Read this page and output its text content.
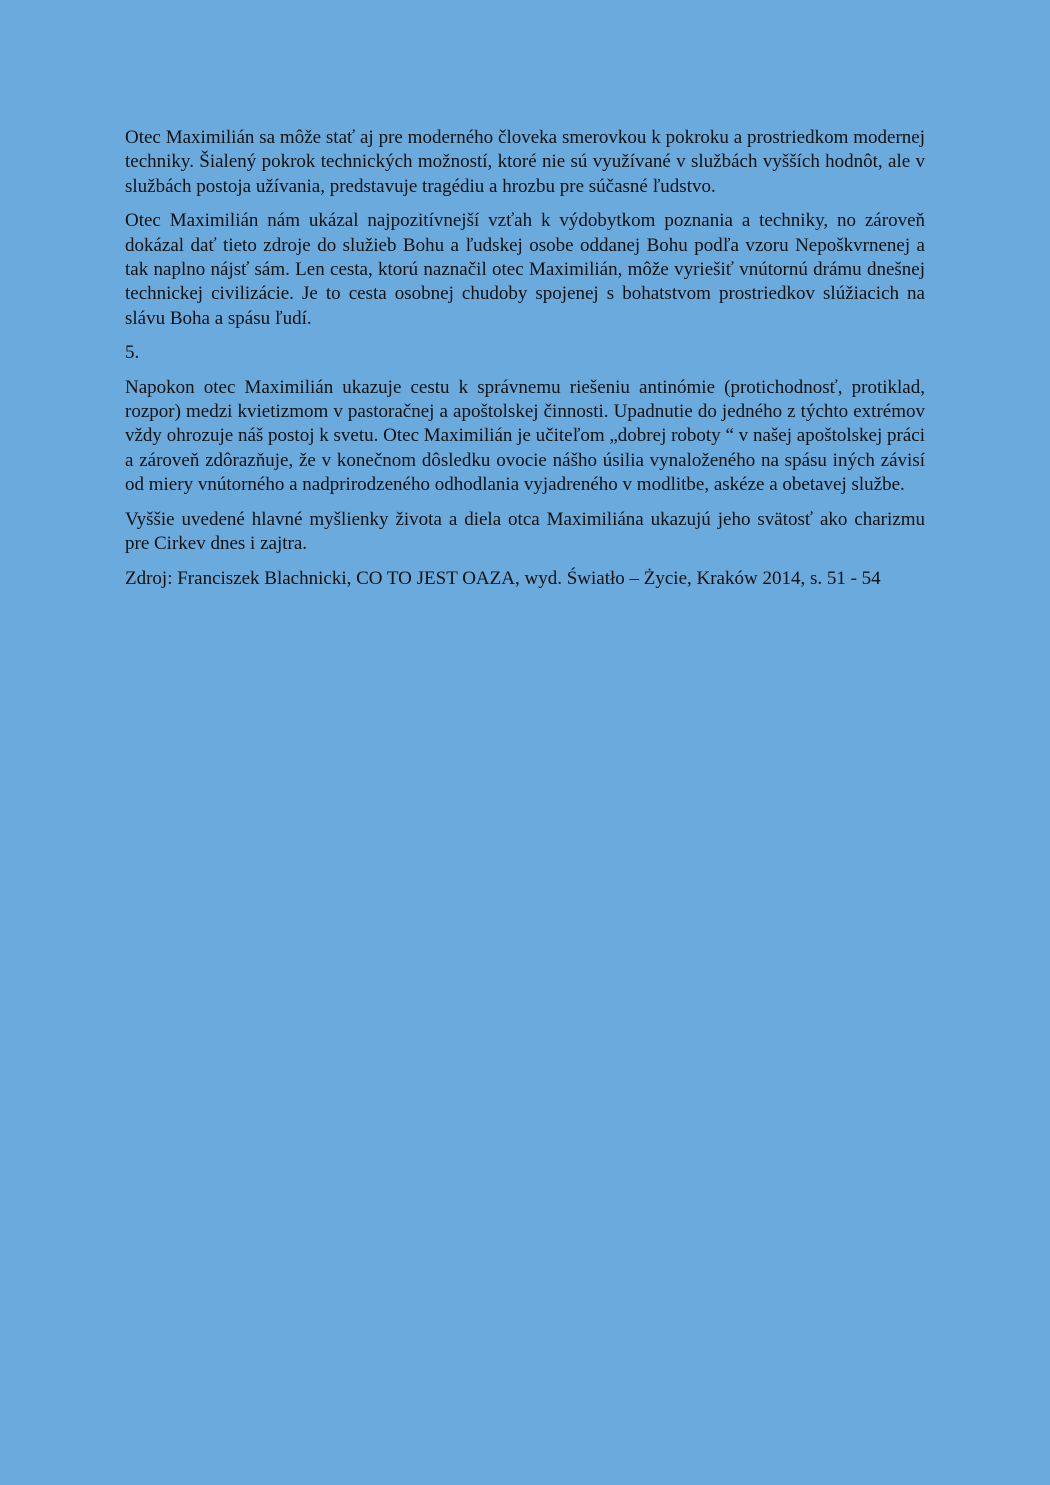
Otec Maximilián sa môže stať aj pre moderného človeka smerovkou k pokroku a prostriedkom modernej techniky. Šialený pokrok technických možností, ktoré nie sú využívané v službách vyšších hodnôt, ale v službách postoja užívania, predstavuje tragédiu a hrozbu pre súčasné ľudstvo.

Otec Maximilián nám ukázal najpozitívnejší vzťah k výdobytkom poznania a techniky, no zároveň dokázal dať tieto zdroje do služieb Bohu a ľudskej osobe oddanej Bohu podľa vzoru Nepoškvrnenej a tak naplno nájsť sám. Len cesta, ktorú naznačil otec Maximilián, môže vyriešiť vnútornú drámu dnešnej technickej civilizácie. Je to cesta osobnej chudoby spojenej s bohatstvom prostriedkov slúžiacich na slávu Boha a spásu ľudí.

5.

Napokon otec Maximilián ukazuje cestu k správnemu riešeniu antinómie (protichodnosť, protiklad, rozpor) medzi kvietizmom v pastoračnej a apoštolskej činnosti. Upadnutie do jedného z týchto extrémov vždy ohrozuje náš postoj k svetu. Otec Maximilián je učiteľom „dobrej roboty “ v našej apoštolskej práci a zároveň zdôrazňuje, že v konečnom dôsledku ovocie nášho úsilia vynaloženého na spásu iných závisí od miery vnútorného a nadprirodzeného odhodlania vyjadreného v modlitbe, askéze a obetavej službe.

Vyššie uvedené hlavné myšlienky života a diela otca Maximiliána ukazujú jeho svätosť ako charizmu pre Cirkev dnes i zajtra.

Zdroj: Franciszek Blachnicki, CO TO JEST OAZA, wyd. Światło – Życie, Kraków 2014, s. 51 - 54
